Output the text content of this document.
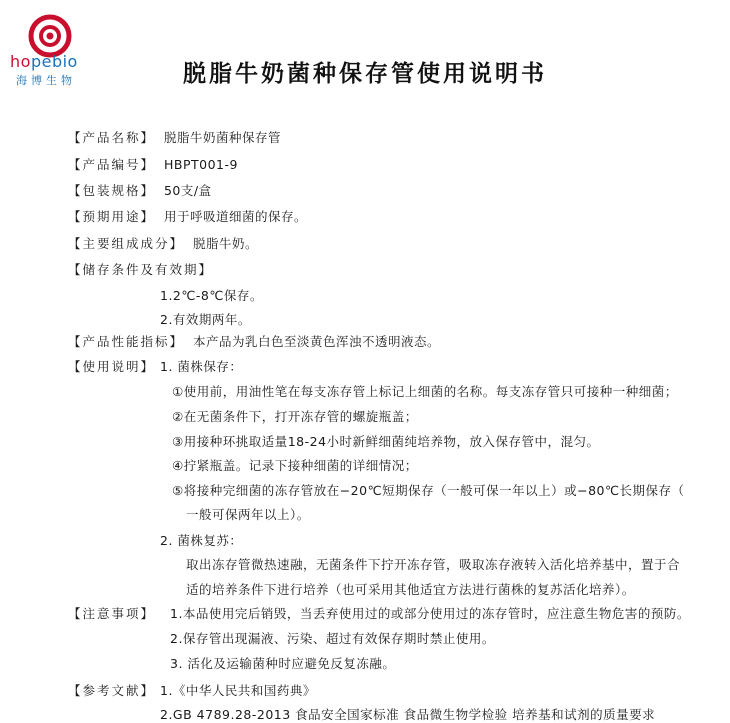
hopebio
海博生物	脱脂牛奶菌种保存管使用说明书
【产品名称】 脱脂牛奶菌种保存管
【产品编号】 HBPT001-9
【包装规格】 50支/盒
【预期用途】 用于呼吸道细菌的保存。
【主要组成成分】 脱脂牛奶。
【储存条件及有效期】
1.2℃-8℃保存。
2.有效期两年。
【产品性能指标】 本产品为乳白色至淡黄色浑浊不透明液态。
【使用说明】 1. 菌株保存：
①使用前，用油性笔在每支冻存管上标记上细菌的名称。每支冻存管只可接种一种细菌；
②在无菌条件下，打开冻存管的螺旋瓶盖；
③用接种环挑取适量18-24小时新鲜细菌纯培养物，放入保存管中，混匀。
④拧紧瓶盖。记录下接种细菌的详细情况；
⑤将接种完细菌的冻存管放在−20℃短期保存（一般可保一年以上）或−80℃长期保存（
一般可保两年以上）。
2. 菌株复苏：
取出冻存管微热速融，无菌条件下拧开冻存管，吸取冻存液转入活化培养基中，置于合
适的培养条件下进行培养（也可采用其他适宜方法进行菌株的复苏活化培养）。
【注意事项】 1.本品使用完后销毁，当丢弃使用过的或部分使用过的冻存管时，应注意生物危害的预防。
2.保存管出现漏液、污染、超过有效保存期时禁止使用。
3. 活化及运输菌种时应避免反复冻融。
【参考文献】 1.《中华人民共和国药典》
2.GB 4789.28-2013 食品安全国家标准 食品微生物学检验 培养基和试剂的质量要求
